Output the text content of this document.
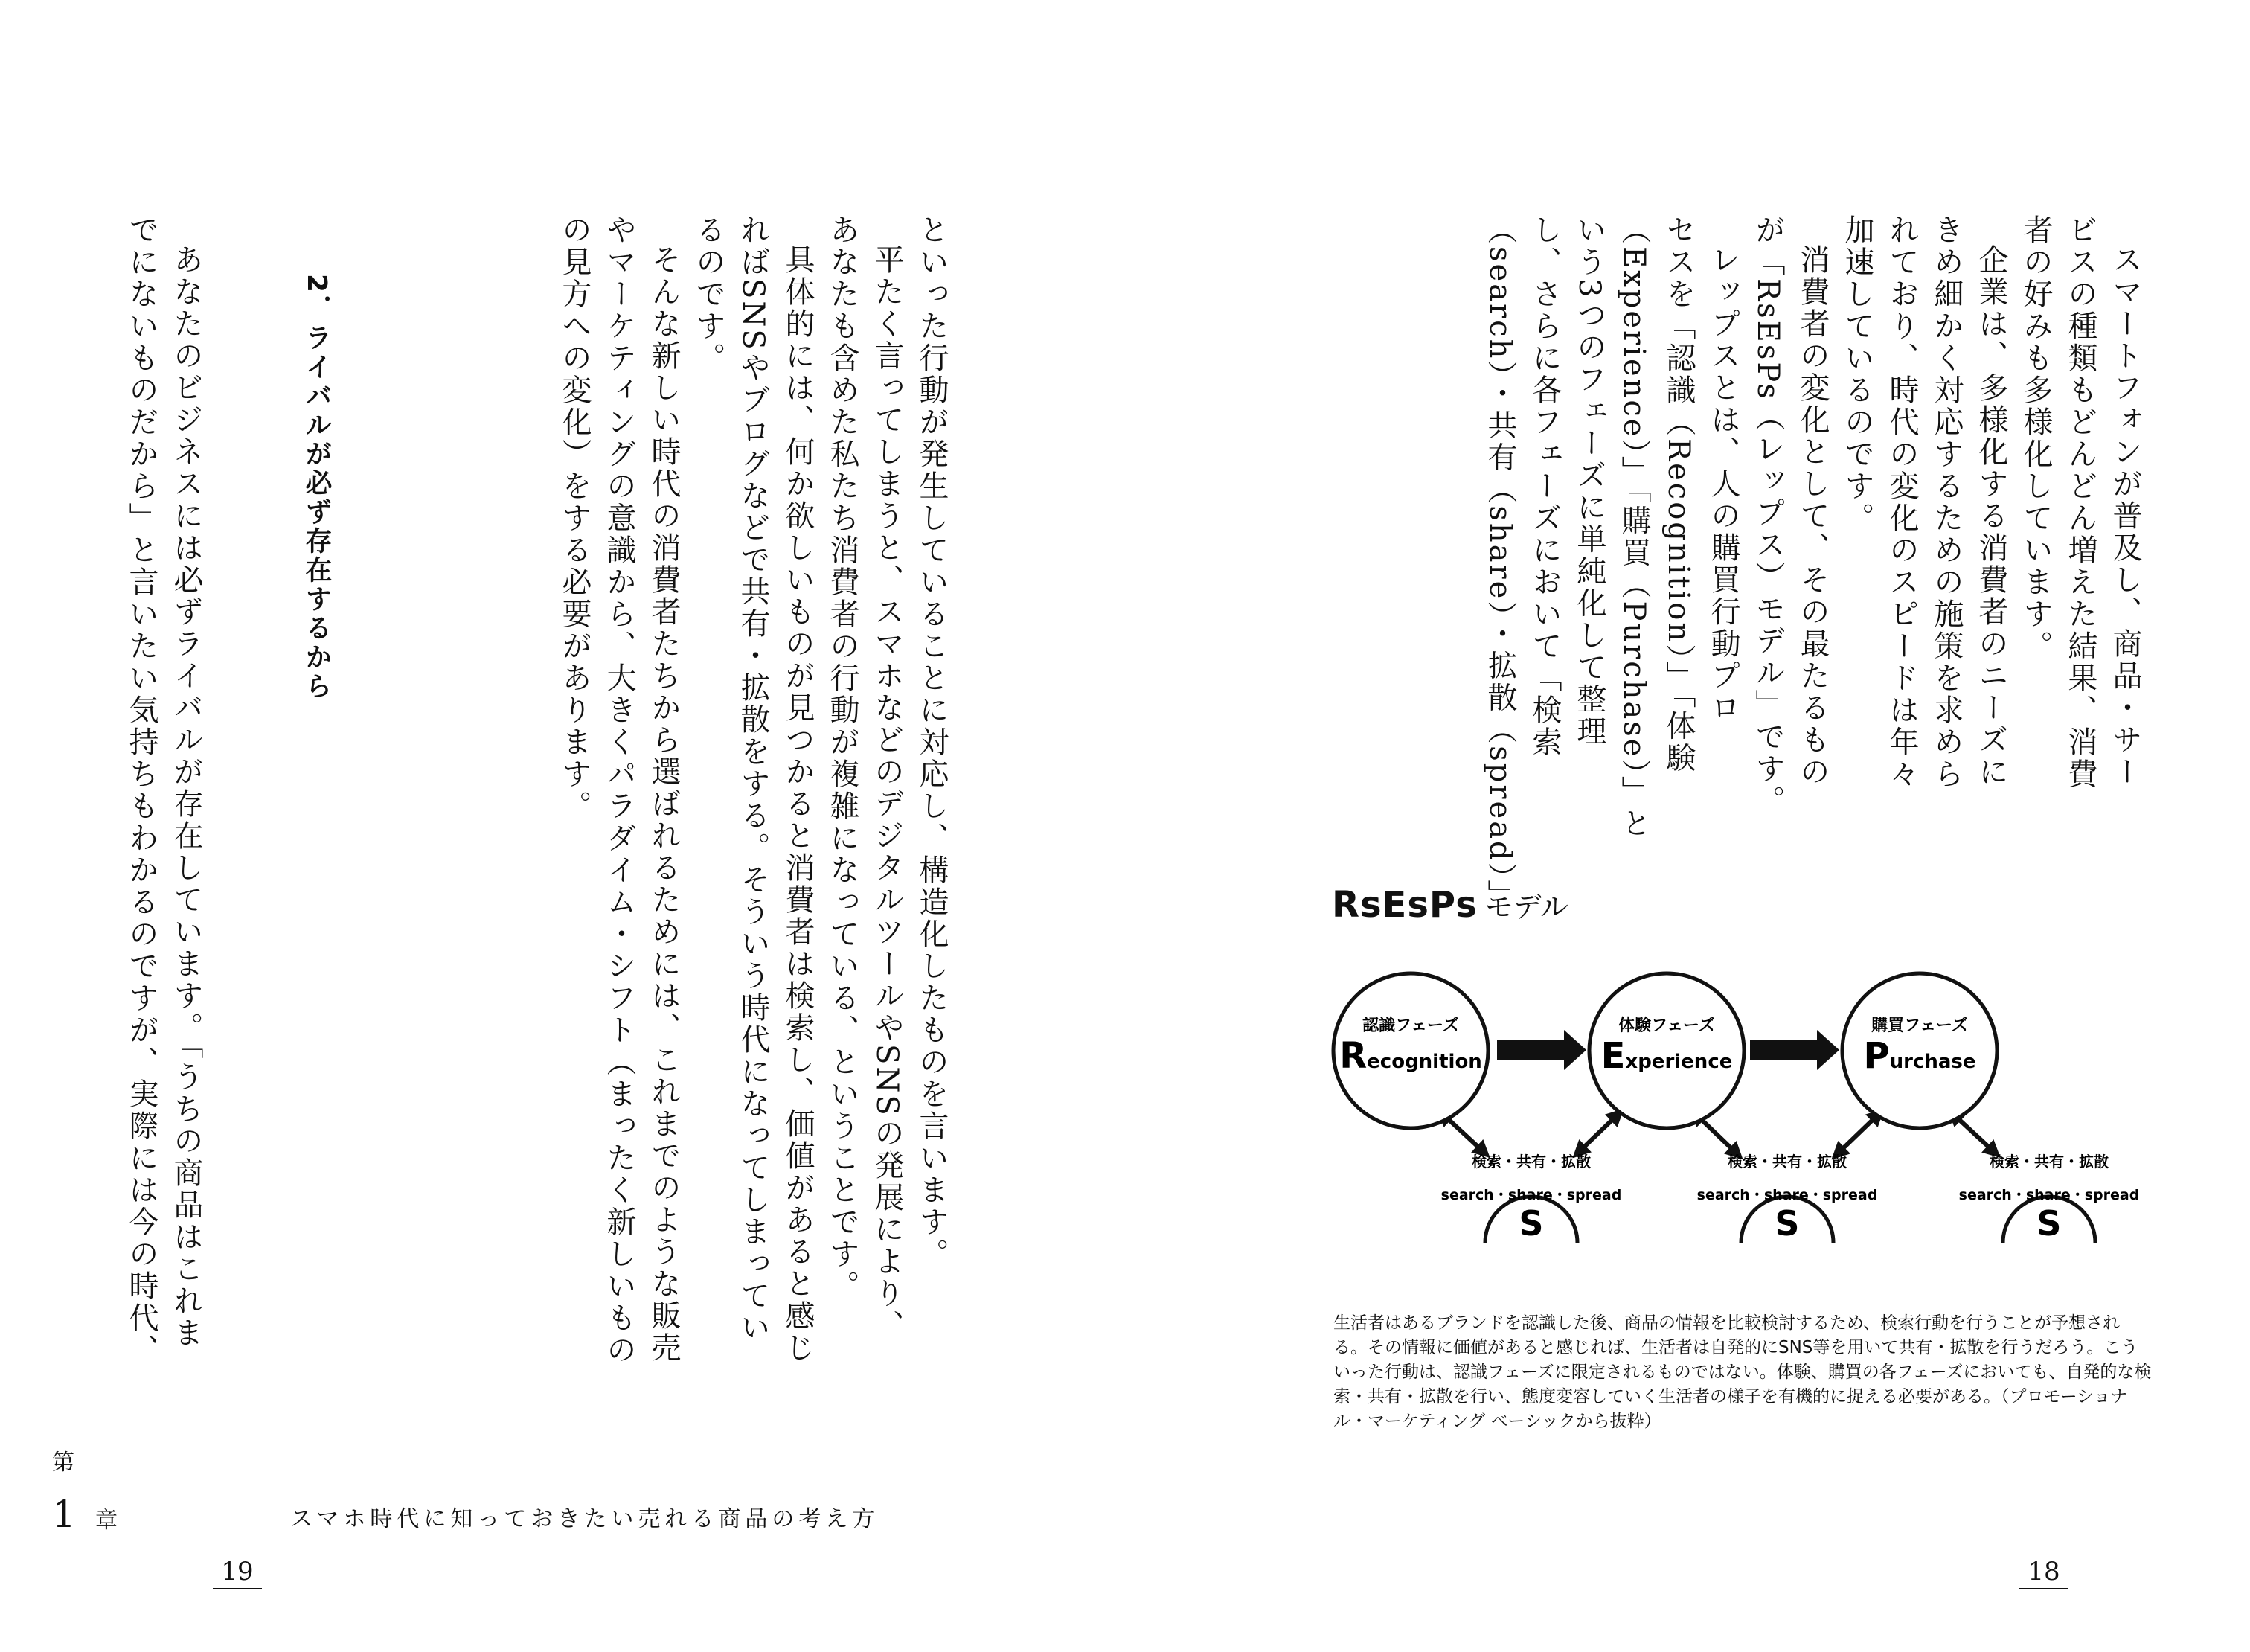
といった行動が発生していることに対応し、構造化したものを言います。

平たく言ってしまうと、スマホなどのデジタルツールやSNSの発展により、

あなたも含めた私たち消費者の行動が複雑になっている、ということです。

具体的には、何か欲しいものが見つかると消費者は検索し、価値があると感じ

ればSNSやブログなどで共有・拡散をする。そういう時代になってしまってい

るのです。

そんな新しい時代の消費者たちから選ばれるためには、これまでのような販売

やマーケティングの意識から、大きくパラダイム・シフト（まったく新しいもの

の見方への変化）をする必要があります。

2．ライバルが必ず存在するから

あなたのビジネスには必ずライバルが存在しています。「うちの商品はこれま

でにないものだから」と言いたい気持ちもわかるのですが、実際には今の時代、

第
1 章	スマホ時代に知っておきたい売れる商品の考え方
19

スマートフォンが普及し、商品・サー

ビスの種類もどんどん増えた結果、消費

者の好みも多様化しています。

企業は、多様化する消費者のニーズに

きめ細かく対応するための施策を求めら

れており、時代の変化のスピードは年々

加速しているのです。

消費者の変化として、その最たるもの

が「RsEsPs（レップス）モデル」です。

レップスとは、人の購買行動プロ

セスを「認識（Recognition）」「体験

（Experience）」「購買（Purchase）」と

いう3つのフェーズに単純化して整理

し、さらに各フェーズにおいて「検索

（search）・共有（share）・拡散（spread）」

RsEsPs モデル
認識フェーズ
Recognition
体験フェーズ
Experience
購買フェーズ
Purchase
検索・共有・拡散
search・share・spread
S
検索・共有・拡散
search・share・spread
S
検索・共有・拡散
search・share・spread
S

生活者はあるブランドを認識した後、商品の情報を比較検討するため、検索行動を行うことが予想される。その情報に価値があると感じれば、生活者は自発的にSNS等を用いて共有・拡散を行うだろう。こういった行動は、認識フェーズに限定されるものではない。体験、購買の各フェーズにおいても、自発的な検索・共有・拡散を行い、態度変容していく生活者の様子を有機的に捉える必要がある。（プロモーショナル・マーケティング ベーシックから抜粋）

18
